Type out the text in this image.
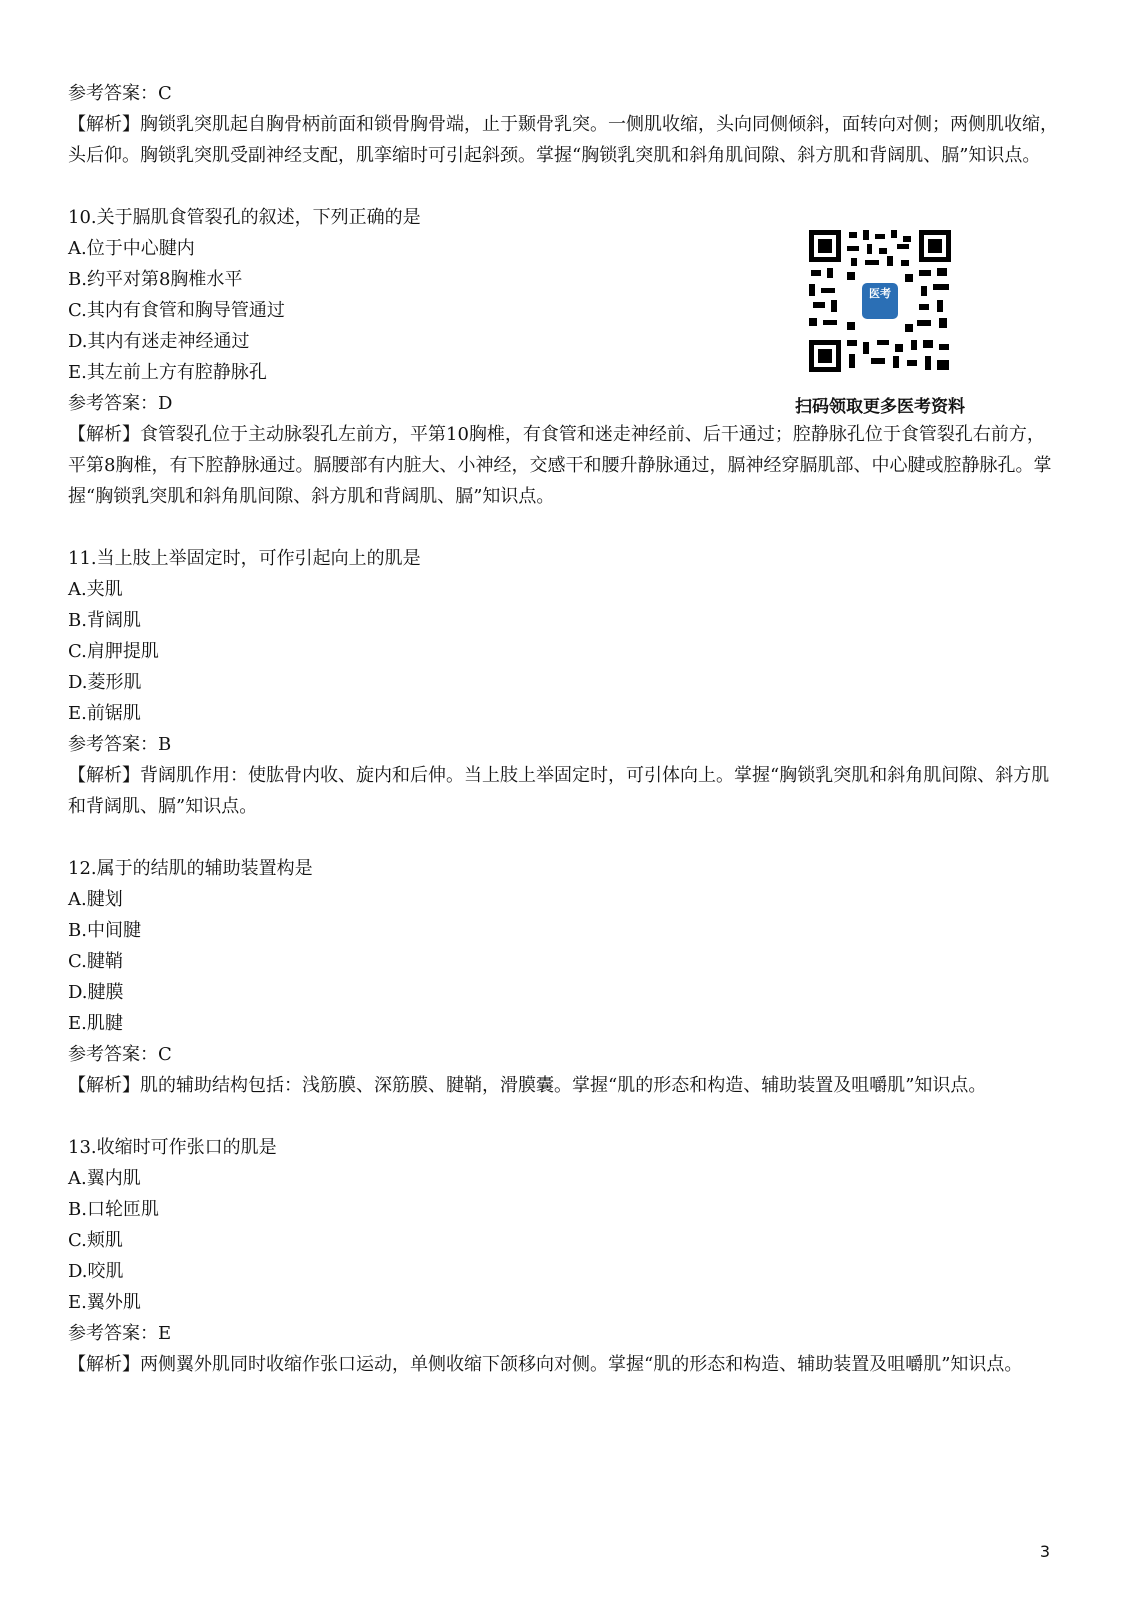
参考答案：C
【解析】胸锁乳突肌起自胸骨柄前面和锁骨胸骨端，止于颞骨乳突。一侧肌收缩，头向同侧倾斜，面转向对侧；两侧肌收缩，头后仰。胸锁乳突肌受副神经支配，肌挛缩时可引起斜颈。掌握“胸锁乳突肌和斜角肌间隙、斜方肌和背阔肌、膈”知识点。
10.关于膈肌食管裂孔的叙述，下列正确的是
A.位于中心腱内
B.约平对第8胸椎水平
C.其内有食管和胸导管通过
D.其内有迷走神经通过
E.其左前上方有腔静脉孔
参考答案：D
【解析】食管裂孔位于主动脉裂孔左前方，平第10胸椎，有食管和迷走神经前、后干通过；腔静脉孔位于食管裂孔右前方，平第8胸椎，有下腔静脉通过。膈腰部有内脏大、小神经，交感干和腰升静脉通过，膈神经穿膈肌部、中心腱或腔静脉孔。掌握“胸锁乳突肌和斜角肌间隙、斜方肌和背阔肌、膈”知识点。
11.当上肢上举固定时，可作引起向上的肌是
A.夹肌
B.背阔肌
C.肩胛提肌
D.菱形肌
E.前锯肌
参考答案：B
【解析】背阔肌作用：使肱骨内收、旋内和后伸。当上肢上举固定时，可引体向上。掌握“胸锁乳突肌和斜角肌间隙、斜方肌和背阔肌、膈”知识点。
12.属于的结肌的辅助装置构是
A.腱划
B.中间腱
C.腱鞘
D.腱膜
E.肌腱
参考答案：C
【解析】肌的辅助结构包括：浅筋膜、深筋膜、腱鞘，滑膜囊。掌握“肌的形态和构造、辅助装置及咀嚼肌”知识点。
13.收缩时可作张口的肌是
A.翼内肌
B.口轮匝肌
C.颊肌
D.咬肌
E.翼外肌
参考答案：E
【解析】两侧翼外肌同时收缩作张口运动，单侧收缩下颌移向对侧。掌握“肌的形态和构造、辅助装置及咀嚼肌”知识点。
医考
扫码领取更多医考资料
3
